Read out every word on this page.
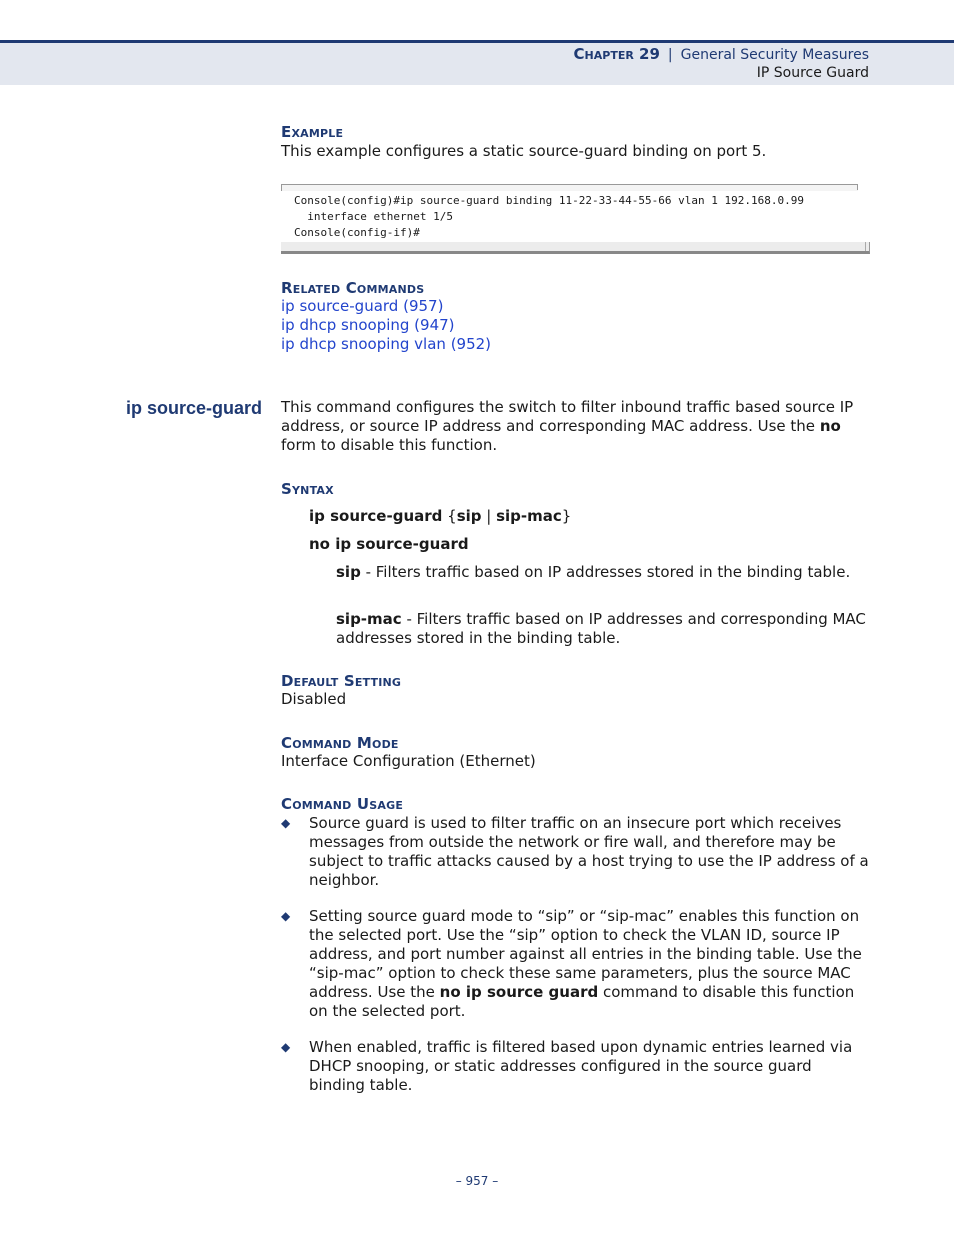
Chapter 29 | General Security Measures
IP Source Guard
Example
This example configures a static source-guard binding on port 5.
Console(config)#ip source-guard binding 11-22-33-44-55-66 vlan 1 192.168.0.99
interface ethernet 1/5
Console(config-if)#
Related Commands
ip source-guard (957)
ip dhcp snooping (947)
ip dhcp snooping vlan (952)
ip source-guard This command configures the switch to filter inbound traffic based source IP address, or source IP address and corresponding MAC address. Use the no form to disable this function.
Syntax
ip source-guard {sip | sip-mac}
no ip source-guard
sip - Filters traffic based on IP addresses stored in the binding table.
sip-mac - Filters traffic based on IP addresses and corresponding MAC addresses stored in the binding table.
Default Setting
Disabled
Command Mode
Interface Configuration (Ethernet)
Command Usage
◆ Source guard is used to filter traffic on an insecure port which receives messages from outside the network or fire wall, and therefore may be subject to traffic attacks caused by a host trying to use the IP address of a neighbor.
◆ Setting source guard mode to “sip” or “sip-mac” enables this function on the selected port. Use the “sip” option to check the VLAN ID, source IP address, and port number against all entries in the binding table. Use the “sip-mac” option to check these same parameters, plus the source MAC address. Use the no ip source guard command to disable this function on the selected port.
◆ When enabled, traffic is filtered based upon dynamic entries learned via DHCP snooping, or static addresses configured in the source guard binding table.
– 957 –
